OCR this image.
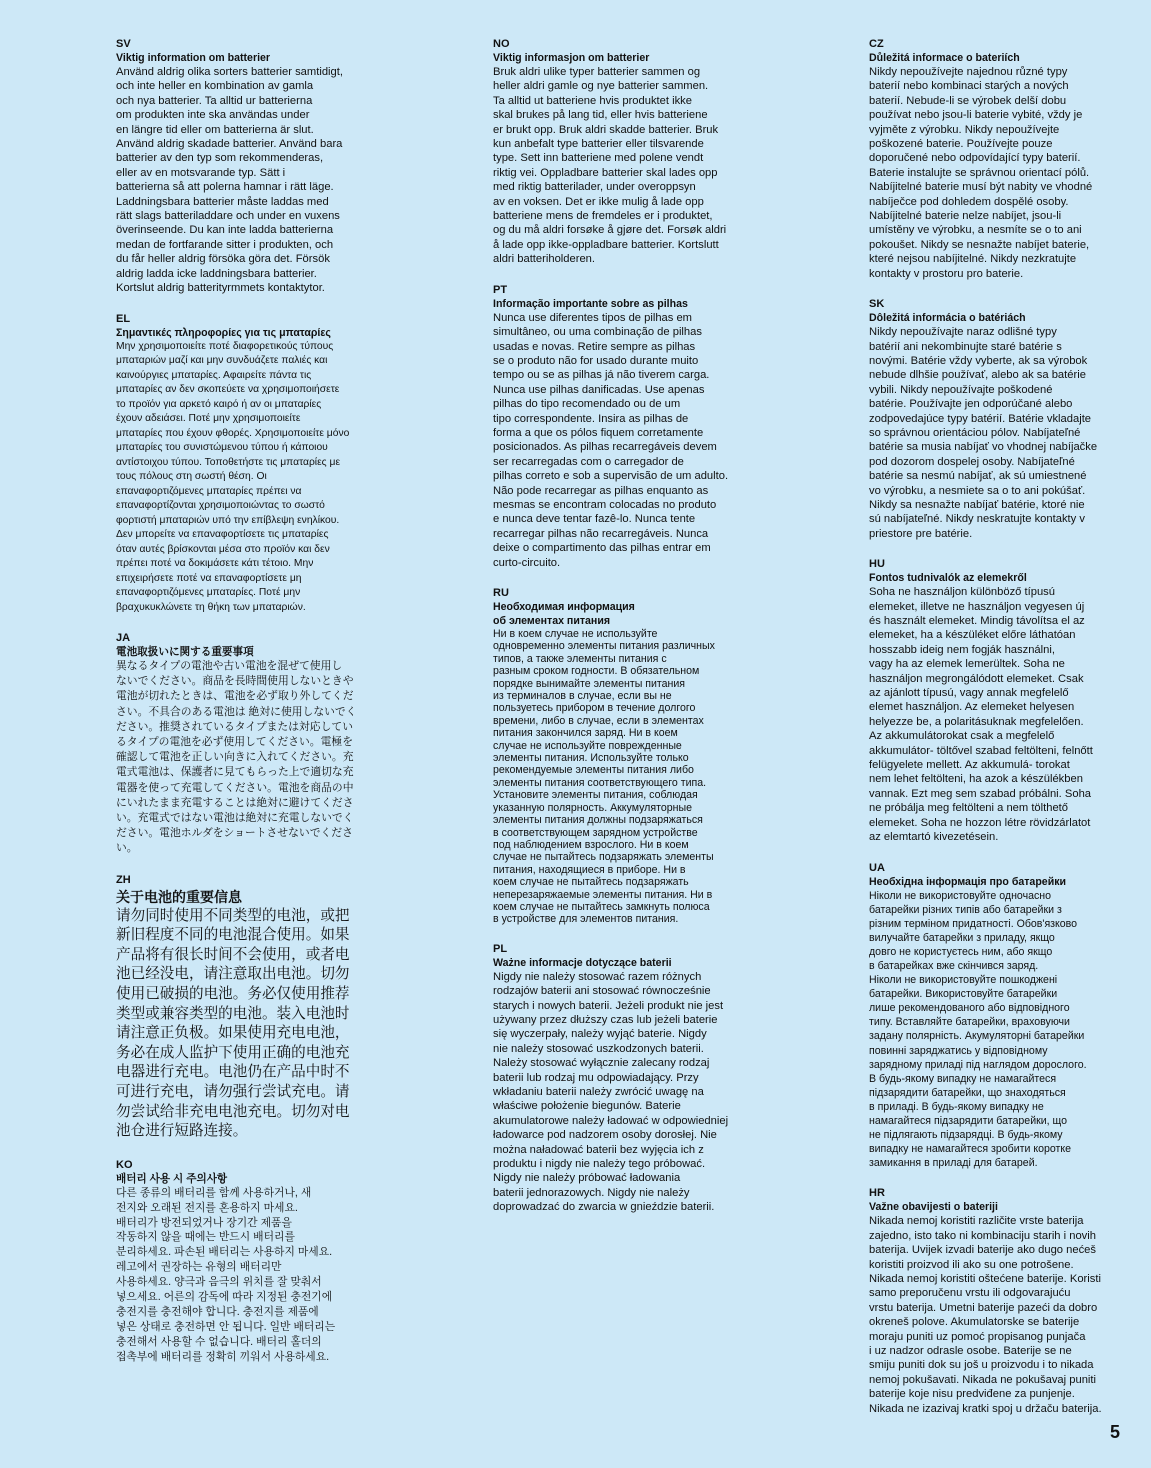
SV
Viktig information om batterier
Använd aldrig olika sorters batterier samtidigt,
och inte heller en kombination av gamla
och nya batterier. Ta alltid ur batterierna
om produkten inte ska användas under
en längre tid eller om batterierna är slut.
Använd aldrig skadade batterier. Använd bara
batterier av den typ som rekommenderas,
eller av en motsvarande typ. Sätt i
batterierna så att polerna hamnar i rätt läge.
Laddningsbara batterier måste laddas med
rätt slags batteriladdare och under en vuxens
överinseende. Du kan inte ladda batterierna
medan de fortfarande sitter i produkten, och
du får heller aldrig försöka göra det. Försök
aldrig ladda icke laddningsbara batterier.
Kortslut aldrig batterityrmmets kontaktytor.
EL
Σημαντικές πληροφορίες για τις μπαταρίες
Μην χρησιμοποιείτε ποτέ διαφορετικούς τύπους
μπαταριών μαζί και μην συνδυάζετε παλιές και
καινούργιες μπαταρίες. Αφαιρείτε πάντα τις
μπαταρίες αν δεν σκοπεύετε να χρησιμοποιήσετε
το προϊόν για αρκετό καιρό ή αν οι μπαταρίες
έχουν αδειάσει. Ποτέ μην χρησιμοποιείτε
μπαταρίες που έχουν φθορές. Χρησιμοποιείτε μόνο
μπαταρίες του συνιστώμενου τύπου ή κάποιου
αντίστοιχου τύπου. Τοποθετήστε τις μπαταρίες με
τους πόλους στη σωστή θέση. Οι
επαναφορτιζόμενες μπαταρίες πρέπει να
επαναφορτίζονται χρησιμοποιώντας το σωστό
φορτιστή μπαταριών υπό την επίβλεψη ενηλίκου.
Δεν μπορείτε να επαναφορτίσετε τις μπαταρίες
όταν αυτές βρίσκονται μέσα στο προϊόν και δεν
πρέπει ποτέ να δοκιμάσετε κάτι τέτοιο. Μην
επιχειρήσετε ποτέ να επαναφορτίσετε μη
επαναφορτιζόμενες μπαταρίες. Ποτέ μην
βραχυκυκλώνετε τη θήκη των μπαταριών.
JA
電池取扱いに関する重要事項
異なるタイプの電池や古い電池を混ぜて使用し
ないでください。商品を長時間使用しないときや
電池が切れたときは、電池を必ず取り外してくだ
さい。不具合のある電池は 絶対に使用しないでく
ださい。推奨されているタイプまたは対応してい
るタイプの電池を必ず使用してください。電極を
確認して電池を正しい向きに入れてください。充
電式電池は、保護者に見てもらった上で適切な充
電器を使って充電してください。電池を商品の中
にいれたまま充電することは絶対に避けてくださ
い。充電式ではない電池は絶対に充電しないでく
ださい。電池ホルダをショートさせないでください。
ZH
关于电池的重要信息
请勿同时使用不同类型的电池，或把
新旧程度不同的电池混合使用。如果
产品将有很长时间不会使用，或者电
池已经没电，请注意取出电池。切勿
使用已破损的电池。务必仅使用推荐
类型或兼容类型的电池。装入电池时
请注意正负极。如果使用充电电池，
务必在成人监护下使用正确的电池充
电器进行充电。电池仍在产品中时不
可进行充电，请勿强行尝试充电。请
勿尝试给非充电电池充电。切勿对电
池仓进行短路连接。
KO
배터리 사용 시 주의사항
다른 종류의 배터리를 함께 사용하거나, 새
전지와 오래된 전지를 혼용하지 마세요.
배터리가 방전되었거나 장기간 제품을
작동하지 않을 때에는 반드시 배터리를
분리하세요. 파손된 배터리는 사용하지 마세요.
레고에서 권장하는 유형의 배터리만
사용하세요. 양극과 음극의 위치를 잘 맞춰서
넣으세요. 어른의 감독에 따라 지정된 충전기에
충전지를 충전해야 합니다. 충전지를 제품에
넣은 상태로 충전하면 안 됩니다. 일반 배터리는
충전해서 사용할 수 없습니다. 배터리 홀더의
접촉부에 배터리를 정확히 끼워서 사용하세요.
NO
Viktig informasjon om batterier
Bruk aldri ulike typer batterier sammen og
heller aldri gamle og nye batterier sammen.
Ta alltid ut batteriene hvis produktet ikke
skal brukes på lang tid, eller hvis batteriene
er brukt opp. Bruk aldri skadde batterier. Bruk
kun anbefalt type batterier eller tilsvarende
type. Sett inn batteriene med polene vendt
riktig vei. Oppladbare batterier skal lades opp
med riktig batterilader, under overoppsyn
av en voksen. Det er ikke mulig å lade opp
batteriene mens de fremdeles er i produktet,
og du må aldri forsøke å gjøre det. Forsøk aldri
å lade opp ikke-oppladbare batterier. Kortslutt
aldri batteriholderen.
PT
Informação importante sobre as pilhas
Nunca use diferentes tipos de pilhas em
simultâneo, ou uma combinação de pilhas
usadas e novas. Retire sempre as pilhas
se o produto não for usado durante muito
tempo ou se as pilhas já não tiverem carga.
Nunca use pilhas danificadas. Use apenas
pilhas do tipo recomendado ou de um
tipo correspondente. Insira as pilhas de
forma a que os pólos fiquem corretamente
posicionados. As pilhas recarregáveis devem
ser recarregadas com o carregador de
pilhas correto e sob a supervisão de um adulto.
Não pode recarregar as pilhas enquanto as
mesmas se encontram colocadas no produto
e nunca deve tentar fazê-lo. Nunca tente
recarregar pilhas não recarregáveis. Nunca
deixe o compartimento das pilhas entrar em
curto-circuito.
RU
Необходимая информация
об элементах питания
Ни в коем случае не используйте
одновременно элементы питания различных
типов, а также элементы питания с
разным сроком годности. В обязательном
порядке вынимайте элементы питания
из терминалов в случае, если вы не
пользуетесь прибором в течение долгого
времени, либо в случае, если в элементах
питания закончился заряд. Ни в коем
случае не используйте поврежденные
элементы питания. Используйте только
рекомендуемые элементы питания либо
элементы питания соответствующего типа.
Установите элементы питания, соблюдая
указанную полярность. Аккумуляторные
элементы питания должны подзаряжаться
в соответствующем зарядном устройстве
под наблюдением взрослого. Ни в коем
случае не пытайтесь подзаряжать элементы
питания, находящиеся в приборе. Ни в
коем случае не пытайтесь подзаряжать
неперезаряжаемые элементы питания. Ни в
коем случае не пытайтесь замкнуть полюса
в устройстве для элементов питания.
PL
Ważne informacje dotyczące baterii
Nigdy nie należy stosować razem różnych
rodzajów baterii ani stosować równocześnie
starych i nowych baterii. Jeżeli produkt nie jest
używany przez dłuższy czas lub jeżeli baterie
się wyczerpały, należy wyjąć baterie. Nigdy
nie należy stosować uszkodzonych baterii.
Należy stosować wyłącznie zalecany rodzaj
baterii lub rodzaj mu odpowiadający. Przy
wkładaniu baterii należy zwrócić uwagę na
właściwe położenie biegunów. Baterie
akumulatorowe należy ładować w odpowiedniej
ładowarce pod nadzorem osoby dorosłej. Nie
można naładować baterii bez wyjęcia ich z
produktu i nigdy nie należy tego próbować.
Nigdy nie należy próbować ładowania
baterii jednorazowych. Nigdy nie należy
doprowadzać do zwarcia w gnieździe baterii.
CZ
Důležitá informace o bateriích
Nikdy nepoužívejte najednou různé typy
baterií nebo kombinaci starých a nových
baterií. Nebude-li se výrobek delší dobu
používat nebo jsou-li baterie vybité, vždy je
vyjměte z výrobku. Nikdy nepoužívejte
poškozené baterie. Používejte pouze
doporučené nebo odpovídající typy baterií.
Baterie instalujte se správnou orientací pólů.
Nabíjitelné baterie musí být nabity ve vhodné
nabíječce pod dohledem dospělé osoby.
Nabíjitelné baterie nelze nabíjet, jsou-li
umístěny ve výrobku, a nesmíte se o to ani
pokoušet. Nikdy se nesnažte nabíjet baterie,
které nejsou nabíjitelné. Nikdy nezkratujte
kontakty v prostoru pro baterie.
SK
Dôležitá informácia o batériách
Nikdy nepoužívajte naraz odlišné typy
batérií ani nekombinujte staré batérie s
novými. Batérie vždy vyberte, ak sa výrobok
nebude dlhšie používať, alebo ak sa batérie
vybili. Nikdy nepoužívajte poškodené
batérie. Používajte jen odporúčané alebo
zodpovedajúce typy batérií. Batérie vkladajte
so správnou orientáciou pólov. Nabíjateľné
batérie sa musia nabíjať vo vhodnej nabíjačke
pod dozorom dospelej osoby. Nabíjateľné
batérie sa nesmú nabíjať, ak sú umiestnené
vo výrobku, a nesmiete sa o to ani pokúšať.
Nikdy sa nesnažte nabíjať batérie, ktoré nie
sú nabíjateľné. Nikdy neskratujte kontakty v
priestore pre batérie.
HU
Fontos tudnivalók az elemekről
Soha ne használjon különböző típusú
elemeket, illetve ne használjon vegyesen új
és használt elemeket. Mindig távolítsa el az
elemeket, ha a készüléket előre láthatóan
hosszabb ideig nem fogják használni,
vagy ha az elemek lemerültek. Soha ne
használjon megrongálódott elemeket. Csak
az ajánlott típusú, vagy annak megfelelő
elemet használjon. Az elemeket helyesen
helyezze be, a polaritásuknak megfelelően.
Az akkumulátorokat csak a megfelelő
akkumulátor- töltővel szabad feltölteni, felnőtt
felügyelete mellett. Az akkumulá- torokat
nem lehet feltölteni, ha azok a készülékben
vannak. Ezt meg sem szabad próbálni. Soha
ne próbálja meg feltölteni a nem tölthető
elemeket. Soha ne hozzon létre rövidzárlatot
az elemtartó kivezetésein.
UA
Необхідна інформація про батарейки
Ніколи не використовуйте одночасно
батарейки різних типів або батарейки з
різним терміном придатності. Обов'язково
вилучайте батарейки з приладу, якщо
довго не користуєтесь ним, або якщо
в батарейках вже скінчився заряд.
Ніколи не використовуйте пошкоджені
батарейки. Використовуйте батарейки
лише рекомендованого або відповідного
типу. Вставляйте батарейки, враховуючи
задану полярність. Акумуляторні батарейки
повинні заряджатись у відповідному
зарядному приладі під наглядом дорослого.
В будь-якому випадку не намагайтеся
підзарядити батарейки, що знаходяться
в приладі. В будь-якому випадку не
намагайтеся підзарядити батарейки, що
не підлягають підзарядці. В будь-якому
випадку не намагайтеся зробити коротке
замикання в приладі для батарей.
HR
Važne obavijesti o bateriji
Nikada nemoj koristiti različite vrste baterija
zajedno, isto tako ni kombinaciju starih i novih
baterija. Uvijek izvadi baterije ako dugo nećeš
koristiti proizvod ili ako su one potrošene.
Nikada nemoj koristiti oštećene baterije. Koristi
samo preporučenu vrstu ili odgovarajuću
vrstu baterija. Umetni baterije pazeći da dobro
okreneš polove. Akumulatorske se baterije
moraju puniti uz pomoć propisanog punjača
i uz nadzor odrasle osobe. Baterije se ne
smiju puniti dok su još u proizvodu i to nikada
nemoj pokušavati. Nikada ne pokušavaj puniti
baterije koje nisu predviđene za punjenje.
Nikada ne izazivaj kratki spoj u držaču baterija.
5
